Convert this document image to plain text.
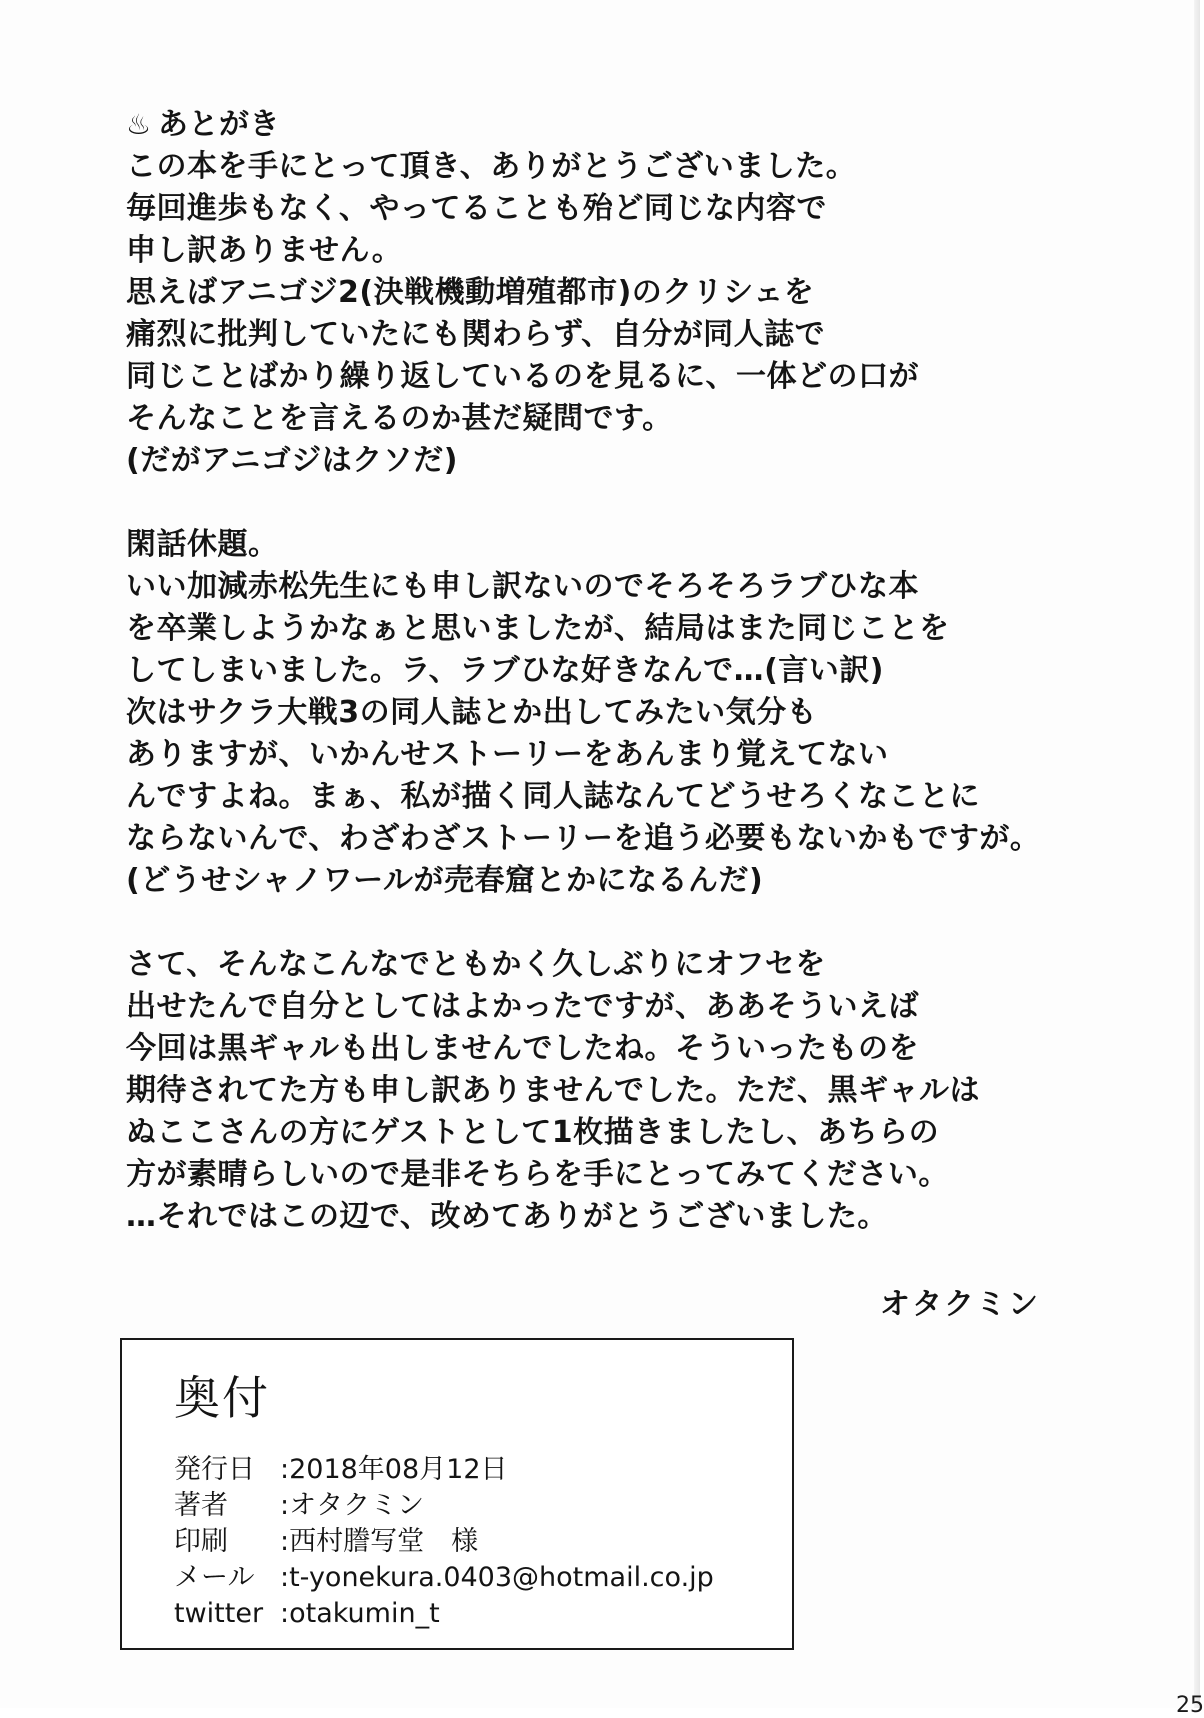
♨ あとがき
この本を手にとって頂き、ありがとうございました。
毎回進歩もなく、やってることも殆ど同じな内容で
申し訳ありません。
思えばアニゴジ2(決戦機動増殖都市)のクリシェを
痛烈に批判していたにも関わらず、自分が同人誌で
同じことばかり繰り返しているのを見るに、一体どの口が
そんなことを言えるのか甚だ疑問です。
(だがアニゴジはクソだ)
閑話休題。
いい加減赤松先生にも申し訳ないのでそろそろラブひな本
を卒業しようかなぁと思いましたが、結局はまた同じことを
してしまいました。ラ、ラブひな好きなんで…(言い訳)
次はサクラ大戦3の同人誌とか出してみたい気分も
ありますが、いかんせストーリーをあんまり覚えてない
んですよね。まぁ、私が描く同人誌なんてどうせろくなことに
ならないんで、わざわざストーリーを追う必要もないかもですが。
(どうせシャノワールが売春窟とかになるんだ)
さて、そんなこんなでともかく久しぶりにオフセを
出せたんで自分としてはよかったですが、ああそういえば
今回は黒ギャルも出しませんでしたね。そういったものを
期待されてた方も申し訳ありませんでした。ただ、黒ギャルは
ぬここさんの方にゲストとして1枚描きましたし、あちらの
方が素晴らしいので是非そちらを手にとってみてください。
…それではこの辺で、改めてありがとうございました。
オタクミン
奥付
発行日 :2018年08月12日
著者	:オタクミン
印刷	:西村謄写堂　様
メール :t-yonekura.0403@hotmail.co.jp
twitter :otakumin_t
25
